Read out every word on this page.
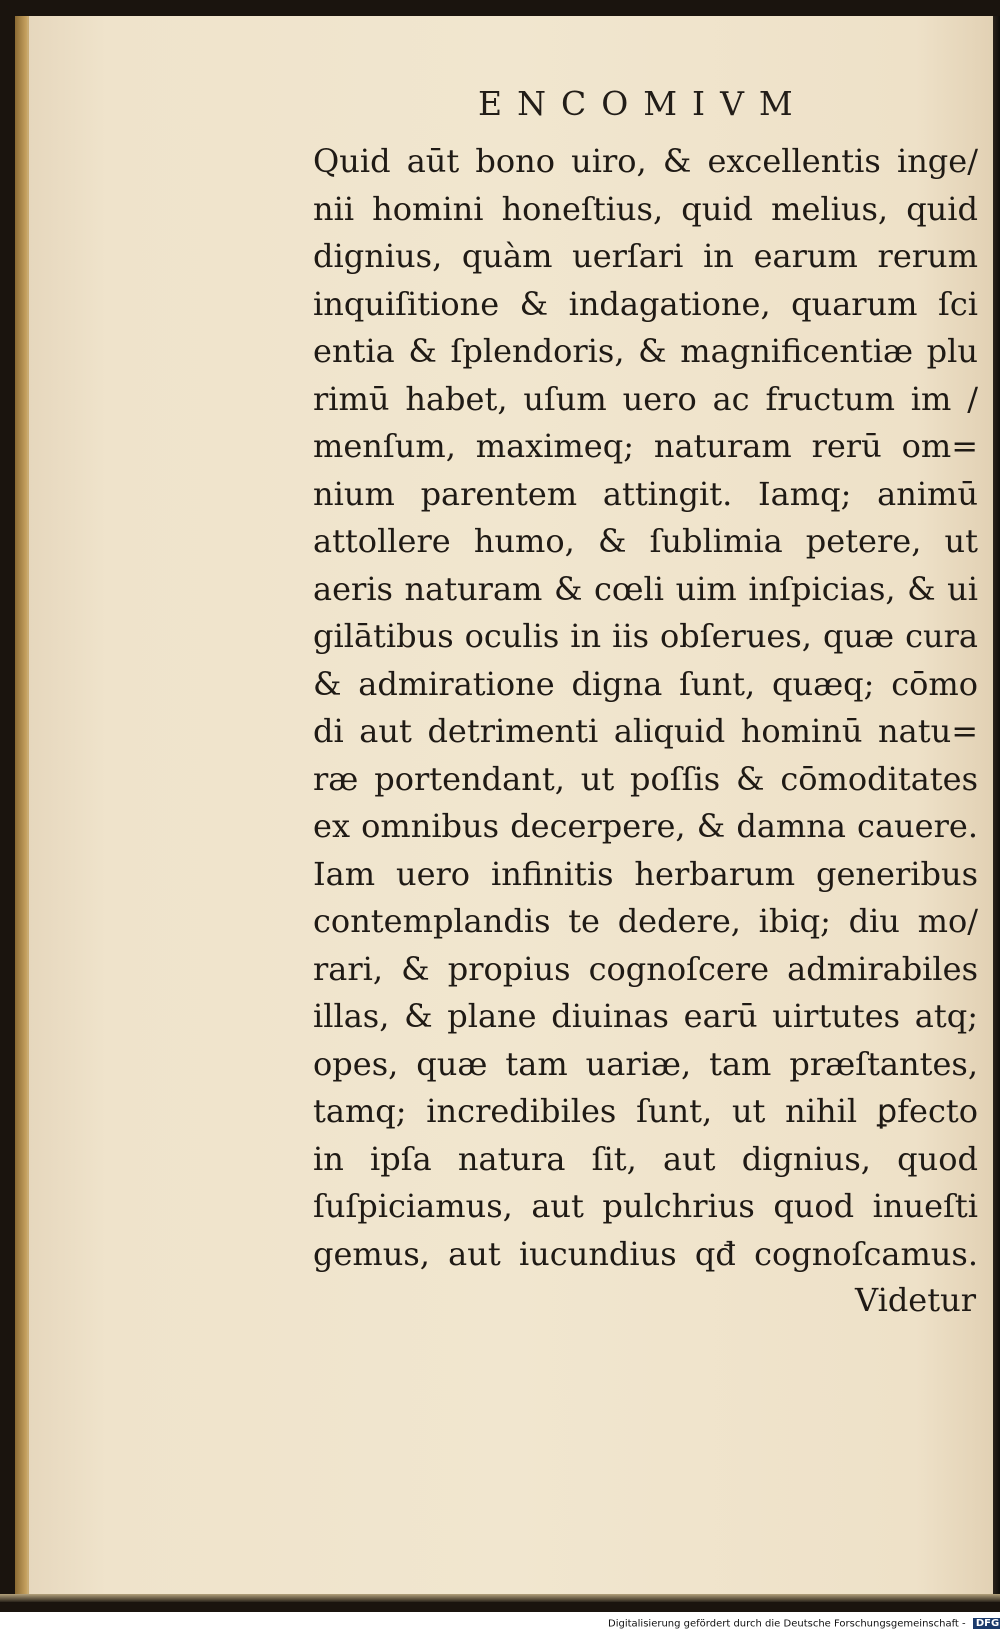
ENCOMIVM
Quid aūt bono uiro, & excellentis inge/
nii homini honeſtius, quid melius, quid
dignius, quàm uerſari in earum rerum
inquiſitione & indagatione, quarum ſci
entia & ſplendoris, & magnificentiæ plu
rimū habet, uſum uero ac fructum im /
menſum, maximeq; naturam rerū om=
nium parentem attingit. Iamq; animū
attollere humo, & ſublimia petere, ut
aeris naturam & cœli uim inſpicias, & ui
gilātibus oculis in iis obſerues, quæ cura
& admiratione digna ſunt, quæq; cōmo
di aut detrimenti aliquid hominū natu=
ræ portendant, ut poſſis & cōmoditates
ex omnibus decerpere, & damna cauere.
Iam uero infinitis herbarum generibus
contemplandis te dedere, ibiq; diu mo/
rari, & propius cognoſcere admirabiles
illas, & plane diuinas earū uirtutes atq;
opes, quæ tam uariæ, tam præſtantes,
tamq; incredibiles ſunt, ut nihil ꝑfecto
in ipſa natura ſit, aut dignius, quod
ſuſpiciamus, aut pulchrius quod inueſti
gemus, aut iucundius qđ cognoſcamus.
Videtur
Digitalisierung gefördert durch die Deutsche Forschungsgemeinschaft - DFG
